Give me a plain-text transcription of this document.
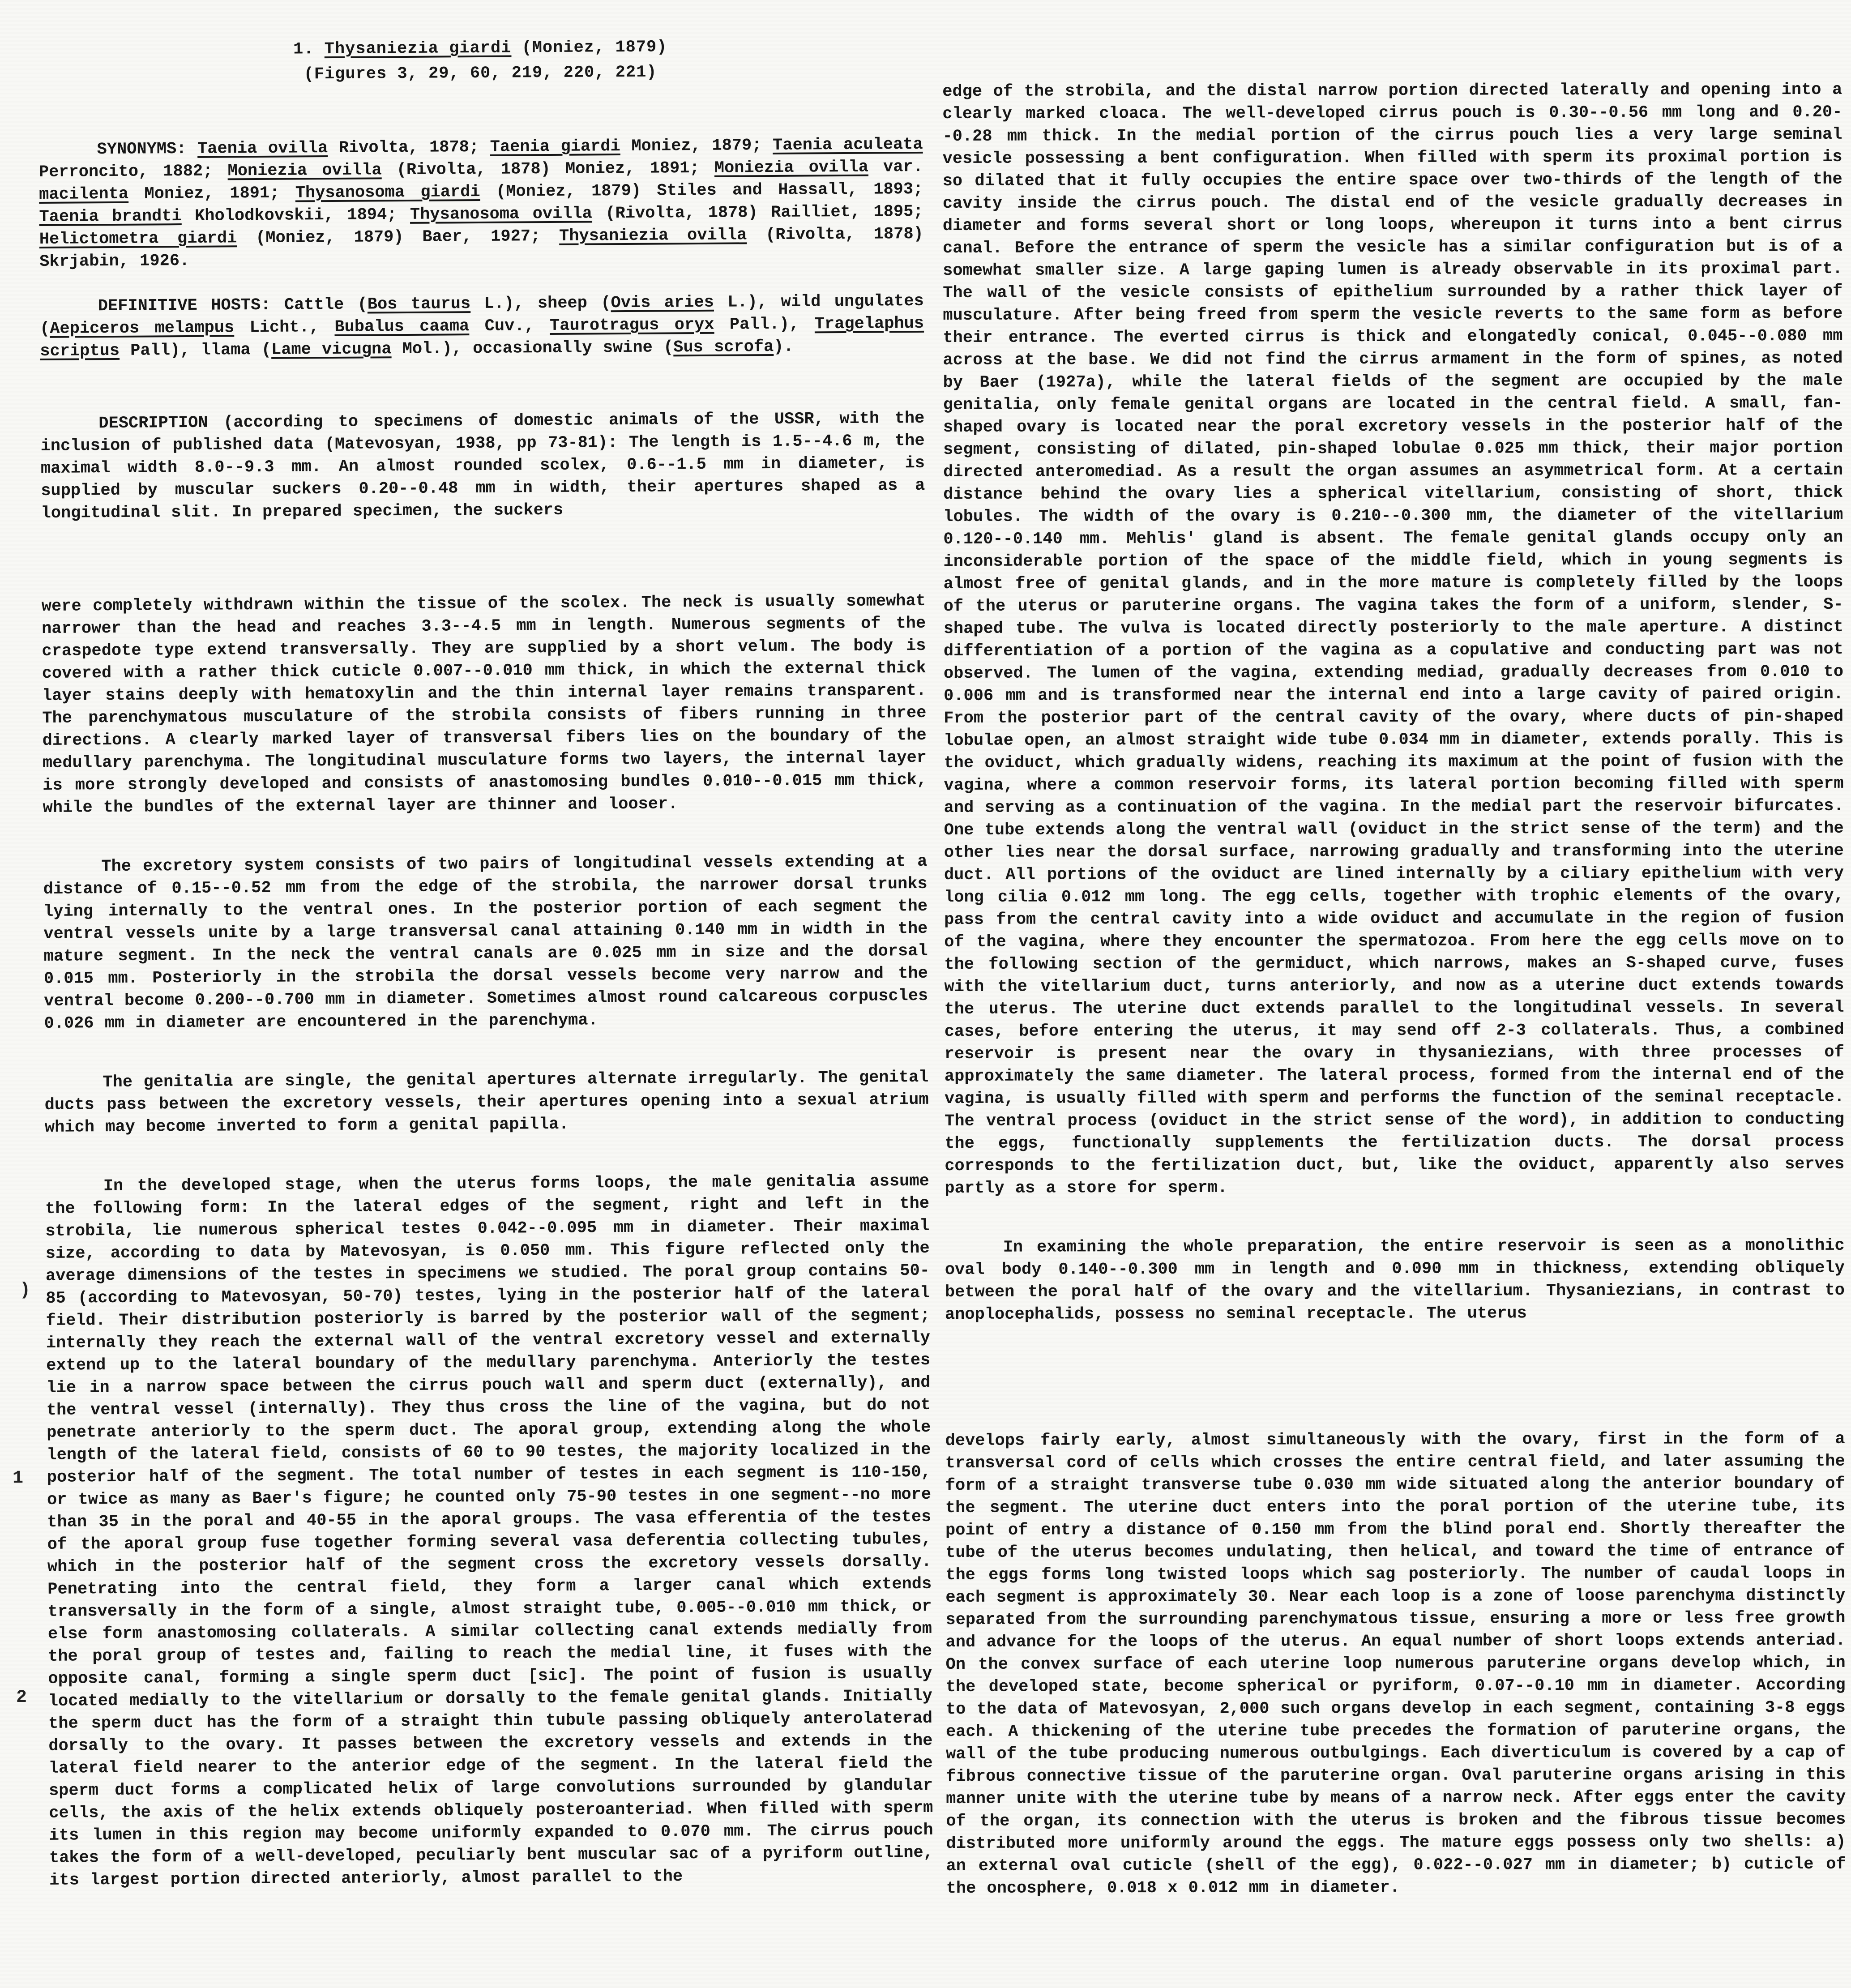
1. Thysaniezia giardi (Moniez, 1879)
(Figures 3, 29, 60, 219, 220, 221)

SYNONYMS: Taenia ovilla Rivolta, 1878; Taenia giardi Moniez, 1879; Taenia aculeata Perroncito, 1882; Moniezia ovilla (Rivolta, 1878) Moniez, 1891; Moniezia ovilla var. macilenta Moniez, 1891; Thysanosoma giardi (Moniez, 1879) Stiles and Hassall, 1893; Taenia brandti Kholodkovskii, 1894; Thysanosoma ovilla (Rivolta, 1878) Railliet, 1895; Helictometra giardi (Moniez, 1879) Baer, 1927; Thysaniezia ovilla (Rivolta, 1878) Skrjabin, 1926.

DEFINITIVE HOSTS: Cattle (Bos taurus L.), sheep (Ovis aries L.), wild ungulates (Aepiceros melampus Licht., Bubalus caama Cuv., Taurotragus oryx Pall.), Tragelaphus scriptus Pall), llama (Lame vicugna Mol.), occasionally swine (Sus scrofa).

DESCRIPTION (according to specimens of domestic animals of the USSR, with the inclusion of published data (Matevosyan, 1938, pp 73-81): The length is 1.5--4.6 m, the maximal width 8.0--9.3 mm. An almost rounded scolex, 0.6--1.5 mm in diameter, is supplied by muscular suckers 0.20--0.48 mm in width, their apertures shaped as a longitudinal slit. In prepared specimen, the suckers

were completely withdrawn within the tissue of the scolex. The neck is usually somewhat narrower than the head and reaches 3.3--4.5 mm in length. Numerous segments of the craspedote type extend transversally. They are supplied by a short velum. The body is covered with a rather thick cuticle 0.007--0.010 mm thick, in which the external thick layer stains deeply with hematoxylin and the thin internal layer remains transparent. The parenchymatous musculature of the strobila consists of fibers running in three directions. A clearly marked layer of transversal fibers lies on the boundary of the medullary parenchyma. The longitudinal musculature forms two layers, the internal layer is more strongly developed and consists of anastomosing bundles 0.010--0.015 mm thick, while the bundles of the external layer are thinner and looser.

The excretory system consists of two pairs of longitudinal vessels extending at a distance of 0.15--0.52 mm from the edge of the strobila, the narrower dorsal trunks lying internally to the ventral ones. In the posterior portion of each segment the ventral vessels unite by a large transversal canal attaining 0.140 mm in width in the mature segment. In the neck the ventral canals are 0.025 mm in size and the dorsal 0.015 mm. Posteriorly in the strobila the dorsal vessels become very narrow and the ventral become 0.200--0.700 mm in diameter. Sometimes almost round calcareous corpuscles 0.026 mm in diameter are encountered in the parenchyma.

The genitalia are single, the genital apertures alternate irregularly. The genital ducts pass between the excretory vessels, their apertures opening into a sexual atrium which may become inverted to form a genital papilla.

In the developed stage, when the uterus forms loops, the male genitalia assume the following form: In the lateral edges of the segment, right and left in the strobila, lie numerous spherical testes 0.042--0.095 mm in diameter. Their maximal size, according to data by Matevosyan, is 0.050 mm. This figure reflected only the average dimensions of the testes in specimens we studied. The poral group contains 50-85 (according to Matevosyan, 50-70) testes, lying in the posterior half of the lateral field. Their distribution posteriorly is barred by the posterior wall of the segment; internally they reach the external wall of the ventral excretory vessel and externally extend up to the lateral boundary of the medullary parenchyma. Anteriorly the testes lie in a narrow space between the cirrus pouch wall and sperm duct (externally), and the ventral vessel (internally). They thus cross the line of the vagina, but do not penetrate anteriorly to the sperm duct. The aporal group, extending along the whole length of the lateral field, consists of 60 to 90 testes, the majority localized in the posterior half of the segment. The total number of testes in each segment is 110-150, or twice as many as Baer's figure; he counted only 75-90 testes in one segment--no more than 35 in the poral and 40-55 in the aporal groups. The vasa efferentia of the testes of the aporal group fuse together forming several vasa deferentia collecting tubules, which in the posterior half of the segment cross the excretory vessels dorsally. Penetrating into the central field, they form a larger canal which extends transversally in the form of a single, almost straight tube, 0.005--0.010 mm thick, or else form anastomosing collaterals. A similar collecting canal extends medially from the poral group of testes and, failing to reach the medial line, it fuses with the opposite canal, forming a single sperm duct [sic]. The point of fusion is usually located medially to the vitellarium or dorsally to the female genital glands. Initially the sperm duct has the form of a straight thin tubule passing obliquely anterolaterad dorsally to the ovary. It passes between the excretory vessels and extends in the lateral field nearer to the anterior edge of the segment. In the lateral field the sperm duct forms a complicated helix of large convolutions surrounded by glandular cells, the axis of the helix extends obliquely posteroanteriad. When filled with sperm its lumen in this region may become uniformly expanded to 0.070 mm. The cirrus pouch takes the form of a well-developed, peculiarly bent muscular sac of a pyriform outline, its largest portion directed anteriorly, almost parallel to the

edge of the strobila, and the distal narrow portion directed laterally and opening into a clearly marked cloaca. The well-developed cirrus pouch is 0.30--0.56 mm long and 0.20--0.28 mm thick. In the medial portion of the cirrus pouch lies a very large seminal vesicle possessing a bent configuration. When filled with sperm its proximal portion is so dilated that it fully occupies the entire space over two-thirds of the length of the cavity inside the cirrus pouch. The distal end of the vesicle gradually decreases in diameter and forms several short or long loops, whereupon it turns into a bent cirrus canal. Before the entrance of sperm the vesicle has a similar configuration but is of a somewhat smaller size. A large gaping lumen is already observable in its proximal part. The wall of the vesicle consists of epithelium surrounded by a rather thick layer of musculature. After being freed from sperm the vesicle reverts to the same form as before their entrance. The everted cirrus is thick and elongatedly conical, 0.045--0.080 mm across at the base. We did not find the cirrus armament in the form of spines, as noted by Baer (1927a), while the lateral fields of the segment are occupied by the male genitalia, only female genital organs are located in the central field. A small, fan-shaped ovary is located near the poral excretory vessels in the posterior half of the segment, consisting of dilated, pin-shaped lobulae 0.025 mm thick, their major portion directed anteromediad. As a result the organ assumes an asymmetrical form. At a certain distance behind the ovary lies a spherical vitellarium, consisting of short, thick lobules. The width of the ovary is 0.210--0.300 mm, the diameter of the vitellarium 0.120--0.140 mm. Mehlis' gland is absent. The female genital glands occupy only an inconsiderable portion of the space of the middle field, which in young segments is almost free of genital glands, and in the more mature is completely filled by the loops of the uterus or paruterine organs. The vagina takes the form of a uniform, slender, S-shaped tube. The vulva is located directly posteriorly to the male aperture. A distinct differentiation of a portion of the vagina as a copulative and conducting part was not observed. The lumen of the vagina, extending mediad, gradually decreases from 0.010 to 0.006 mm and is transformed near the internal end into a large cavity of paired origin. From the posterior part of the central cavity of the ovary, where ducts of pin-shaped lobulae open, an almost straight wide tube 0.034 mm in diameter, extends porally. This is the oviduct, which gradually widens, reaching its maximum at the point of fusion with the vagina, where a common reservoir forms, its lateral portion becoming filled with sperm and serving as a continuation of the vagina. In the medial part the reservoir bifurcates. One tube extends along the ventral wall (oviduct in the strict sense of the term) and the other lies near the dorsal surface, narrowing gradually and transforming into the uterine duct. All portions of the oviduct are lined internally by a ciliary epithelium with very long cilia 0.012 mm long. The egg cells, together with trophic elements of the ovary, pass from the central cavity into a wide oviduct and accumulate in the region of fusion of the vagina, where they encounter the spermatozoa. From here the egg cells move on to the following section of the germiduct, which narrows, makes an S-shaped curve, fuses with the vitellarium duct, turns anteriorly, and now as a uterine duct extends towards the uterus. The uterine duct extends parallel to the longitudinal vessels. In several cases, before entering the uterus, it may send off 2-3 collaterals. Thus, a combined reservoir is present near the ovary in thysaniezians, with three processes of approximately the same diameter. The lateral process, formed from the internal end of the vagina, is usually filled with sperm and performs the function of the seminal receptacle. The ventral process (oviduct in the strict sense of the word), in addition to conducting the eggs, functionally supplements the fertilization ducts. The dorsal process corresponds to the fertilization duct, but, like the oviduct, apparently also serves partly as a store for sperm.

In examining the whole preparation, the entire reservoir is seen as a monolithic oval body 0.140--0.300 mm in length and 0.090 mm in thickness, extending obliquely between the poral half of the ovary and the vitellarium. Thysaniezians, in contrast to anoplocephalids, possess no seminal receptacle. The uterus

develops fairly early, almost simultaneously with the ovary, first in the form of a transversal cord of cells which crosses the entire central field, and later assuming the form of a straight transverse tube 0.030 mm wide situated along the anterior boundary of the segment. The uterine duct enters into the poral portion of the uterine tube, its point of entry a distance of 0.150 mm from the blind poral end. Shortly thereafter the tube of the uterus becomes undulating, then helical, and toward the time of entrance of the eggs forms long twisted loops which sag posteriorly. The number of caudal loops in each segment is approximately 30. Near each loop is a zone of loose parenchyma distinctly separated from the surrounding parenchymatous tissue, ensuring a more or less free growth and advance for the loops of the uterus. An equal number of short loops extends anteriad. On the convex surface of each uterine loop numerous paruterine organs develop which, in the developed state, become spherical or pyriform, 0.07--0.10 mm in diameter. According to the data of Matevosyan, 2,000 such organs develop in each segment, containing 3-8 eggs each. A thickening of the uterine tube precedes the formation of paruterine organs, the wall of the tube producing numerous outbulgings. Each diverticulum is covered by a cap of fibrous connective tissue of the paruterine organ. Oval paruterine organs arising in this manner unite with the uterine tube by means of a narrow neck. After eggs enter the cavity of the organ, its connection with the uterus is broken and the fibrous tissue becomes distributed more uniformly around the eggs. The mature eggs possess only two shells: a) an external oval cuticle (shell of the egg), 0.022--0.027 mm in diameter; b) cuticle of the oncosphere, 0.018 x 0.012 mm in diameter.

)
1
2
